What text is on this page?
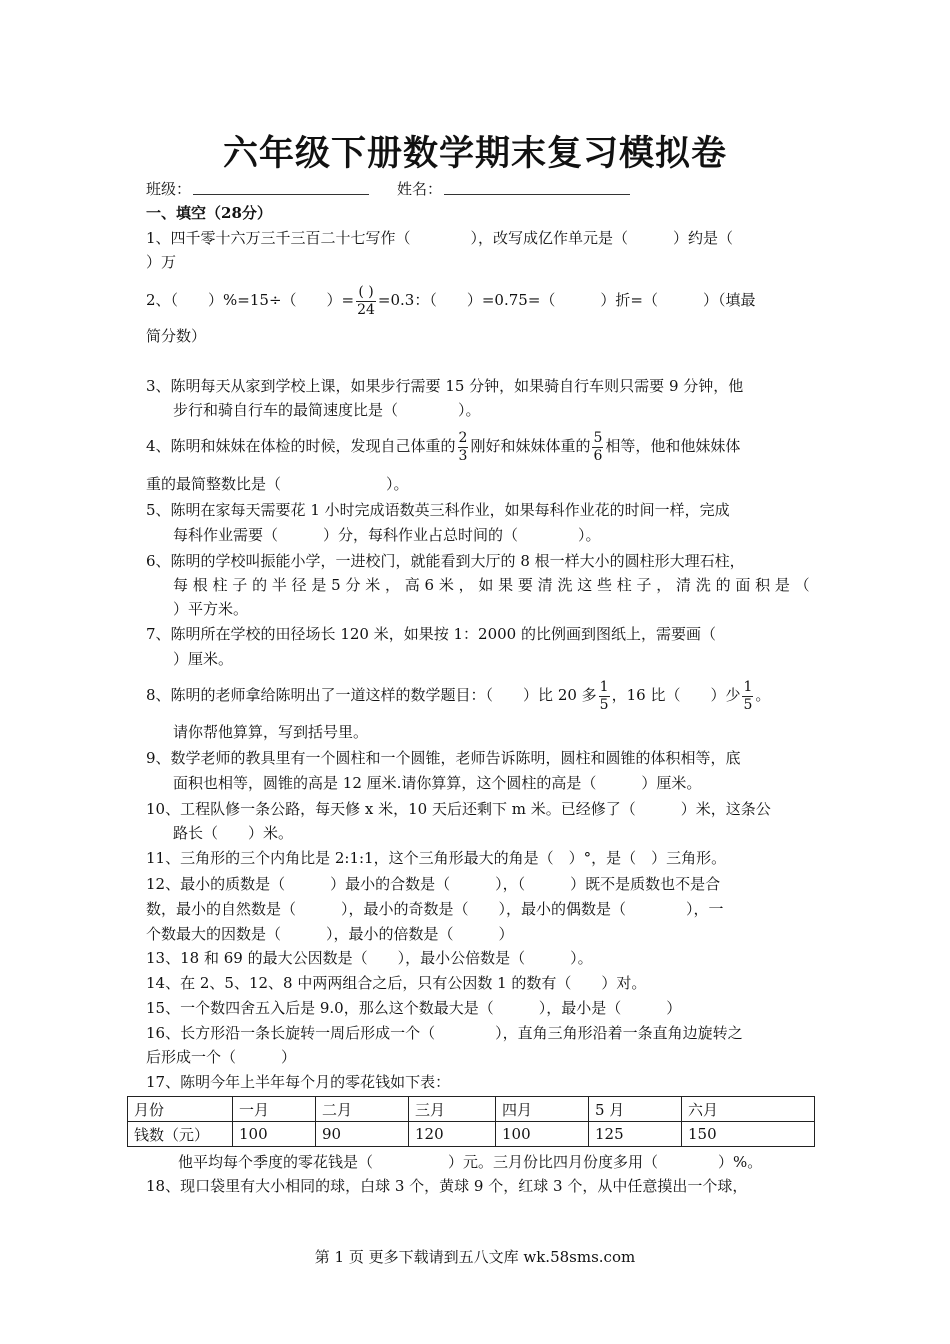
六年级下册数学期末复习模拟卷
班级：	姓名：
一、填空（28分）
1、四千零十六万三千三百二十七写作（　　　　），改写成亿作单元是（　　　）约是（
）万
2、（　　）%=15÷（　　）= $\frac{( )}{24} =0.3$：（　　）=0.75=（　　　）折=（　　　）（填最
简分数）
3、陈明每天从家到学校上课，如果步行需要 15 分钟，如果骑自行车则只需要 9 分钟，他
步行和骑自行车的最简速度比是（　　　　）。
4、陈明和妹妹在体检的时候，发现自己体重的 $\frac{2}{3}$ 刚好和妹妹体重的 $\frac{5}{6}$ 相等，他和他妹妹体
重的最简整数比是（　　　　　　　）。
5、陈明在家每天需要花 1 小时完成语数英三科作业，如果每科作业花的时间一样，完成
每科作业需要（　　　）分，每科作业占总时间的（　　　　）。
6、陈明的学校叫振能小学，一进校门，就能看到大厅的 8 根一样大小的圆柱形大理石柱，
每 根 柱 子 的 半 径 是 5 分 米 ， 高 6 米 ， 如 果 要 清 洗 这 些 柱 子 ， 清 洗 的 面 积 是 （
）平方米。
7、陈明所在学校的田径场长 120 米，如果按 1：2000 的比例画到图纸上，需要画（
）厘米。
8、陈明的老师拿给陈明出了一道这样的数学题目：（　　）比 20 多 $\frac{1}{5}$ ，16 比（　　）少 $\frac{1}{5}$ 。
请你帮他算算，写到括号里。
9、数学老师的教具里有一个圆柱和一个圆锥，老师告诉陈明，圆柱和圆锥的体积相等，底
面积也相等，圆锥的高是 12 厘米.请你算算，这个圆柱的高是（　　　）厘米。
10、工程队修一条公路，每天修 x 米，10 天后还剩下 m 米。已经修了（　　　）米，这条公
路长（　　）米。
11、三角形的三个内角比是 2:1:1，这个三角形最大的角是（　）°，是（　）三角形。
12、最小的质数是（　　　）最小的合数是（　　　），（　　　）既不是质数也不是合
数，最小的自然数是（　　　），最小的奇数是（　　），最小的偶数是（　　　　），一
个数最大的因数是（　　　），最小的倍数是（　　　）
13、18 和 69 的最大公因数是（　　），最小公倍数是（　　　）。
14、在 2、5、12、8 中两两组合之后，只有公因数 1 的数有（　　）对。
15、一个数四舍五入后是 9.0，那么这个数最大是（　　　），最小是（　　　）
16、长方形沿一条长旋转一周后形成一个（　　　　），直角三角形沿着一条直角边旋转之
后形成一个（　　　）
17、陈明今年上半年每个月的零花钱如下表：
月份	一月	二月	三月	四月	5 月	六月
钱数（元）	100	90	120	100	125	150
他平均每个季度的零花钱是（　　　　　）元。三月份比四月份度多用（　　　　）%。
18、现口袋里有大小相同的球，白球 3 个，黄球 9 个，红球 3 个，从中任意摸出一个球，
第 1 页 更多下载请到五八文库 wk.58sms.com
